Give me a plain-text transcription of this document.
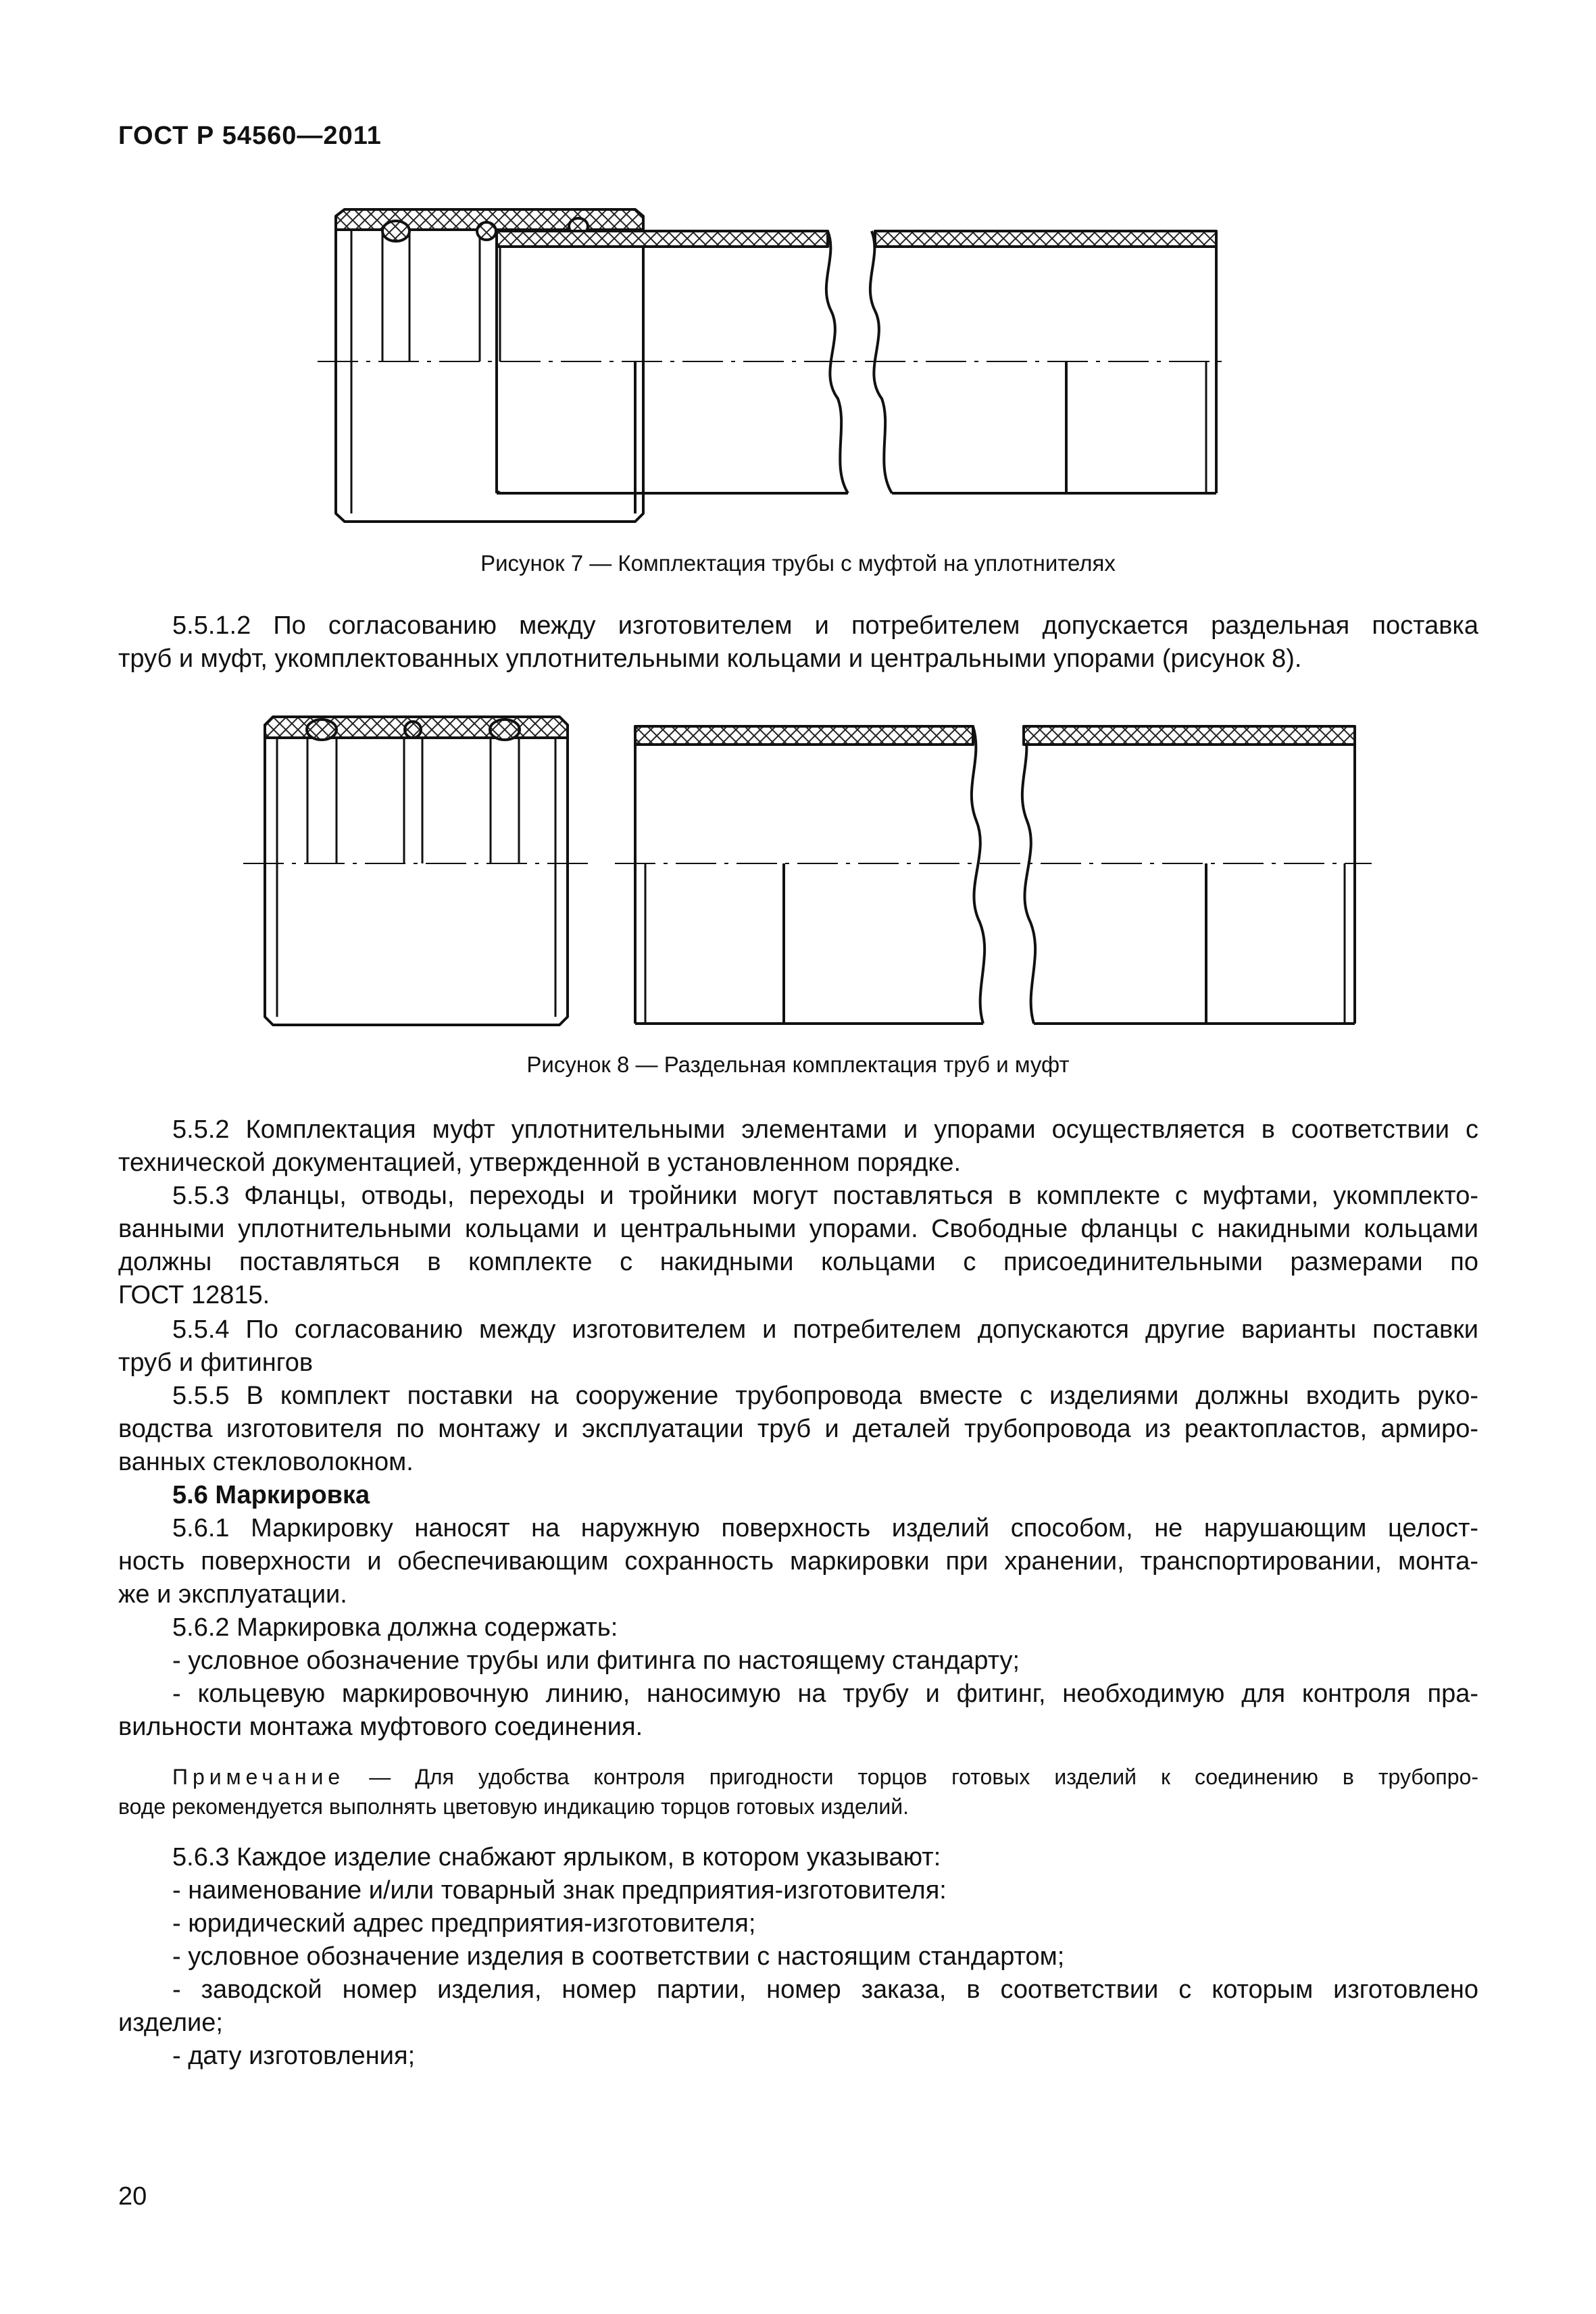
ГОСТ Р 54560—2011
Рисунок 7 — Комплектация трубы с муфтой на уплотнителях
5.5.1.2 По согласованию между изготовителем и потребителем допускается раздельная поставка
труб и муфт, укомплектованных уплотнительными кольцами и центральными упорами (рисунок 8).
Рисунок 8 — Раздельная комплектация труб и муфт
5.5.2 Комплектация муфт уплотнительными элементами и упорами осуществляется в соответствии с
технической документацией, утвержденной в установленном порядке.
5.5.3 Фланцы, отводы, переходы и тройники могут поставляться в комплекте с муфтами, укомплекто-
ванными уплотнительными кольцами и центральными упорами. Свободные фланцы с накидными кольцами
должны поставляться в комплекте с накидными кольцами с присоединительными размерами по
ГОСТ 12815.
5.5.4 По согласованию между изготовителем и потребителем допускаются другие варианты поставки
труб и фитингов
5.5.5 В комплект поставки на сооружение трубопровода вместе с изделиями должны входить руко-
водства изготовителя по монтажу и эксплуатации труб и деталей трубопровода из реактопластов, армиро-
ванных стекловолокном.
5.6 Маркировка
5.6.1 Маркировку наносят на наружную поверхность изделий способом, не нарушающим целост-
ность поверхности и обеспечивающим сохранность маркировки при хранении, транспортировании, монта-
же и эксплуатации.
5.6.2 Маркировка должна содержать:
- условное обозначение трубы или фитинга по настоящему стандарту;
- кольцевую маркировочную линию, наносимую на трубу и фитинг, необходимую для контроля пра-
вильности монтажа муфтового соединения.
Примечание — Для удобства контроля пригодности торцов готовых изделий к соединению в трубопро-
воде рекомендуется выполнять цветовую индикацию торцов готовых изделий.
5.6.3 Каждое изделие снабжают ярлыком, в котором указывают:
- наименование и/или товарный знак предприятия-изготовителя:
- юридический адрес предприятия-изготовителя;
- условное обозначение изделия в соответствии с настоящим стандартом;
- заводской номер изделия, номер партии, номер заказа, в соответствии с которым изготовлено
изделие;
- дату изготовления;
20
